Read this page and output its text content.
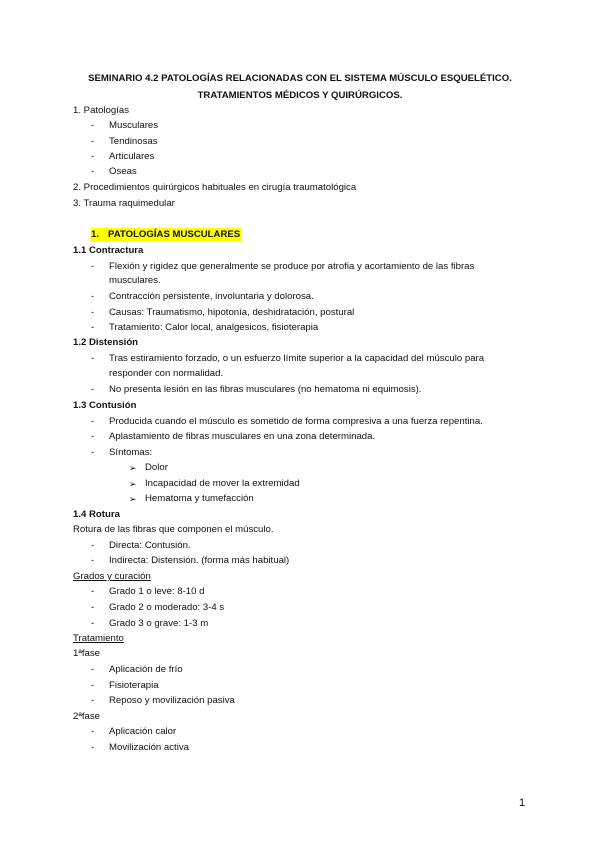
SEMINARIO 4.2 PATOLOGÍAS RELACIONADAS CON EL SISTEMA MÚSCULO ESQUELÉTICO.
TRATAMIENTOS MÉDICOS Y QUIRÚRGICOS.
1. Patologías
- Musculares
- Tendinosas
- Articulares
- Oseas
2. Procedimientos quirúrgicos habituales en cirugía traumatológica
3. Trauma raquimedular
1. PATOLOGÍAS MUSCULARES
1.1 Contractura
- Flexión y rigidez que generalmente se produce por atrofia y acortamiento de las fibras
musculares.
- Contracción persistente, involuntaria y dolorosa.
- Causas: Traumatismo, hipotonía, deshidratación, postural
- Tratamiento: Calor local, analgesicos, fisioterapia
1.2 Distensión
- Tras estiramiento forzado, o un esfuerzo límite superior a la capacidad del músculo para
responder con normalidad.
- No presenta lesión en las fibras musculares (no hematoma ni equimosis).
1.3 Contusión
- Producida cuando el músculo es sometido de forma compresiva a una fuerza repentina.
- Aplastamiento de fibras musculares en una zona determinada.
- Síntomas:
➢ Dolor
➢ Incapacidad de mover la extremidad
➢ Hematoma y tumefacción
1.4 Rotura
Rotura de las fibras que componen el músculo.
- Directa: Contusión.
- Indirecta: Distensión. (forma más habitual)
Grados y curación
- Grado 1 o leve: 8-10 d
- Grado 2 o moderado: 3-4 s
- Grado 3 o grave: 1-3 m
Tratamiento
1ªfase
- Aplicación de frío
- Fisioterapia
- Reposo y movilización pasiva
2ªfase
- Aplicación calor
- Movilización activa
1
